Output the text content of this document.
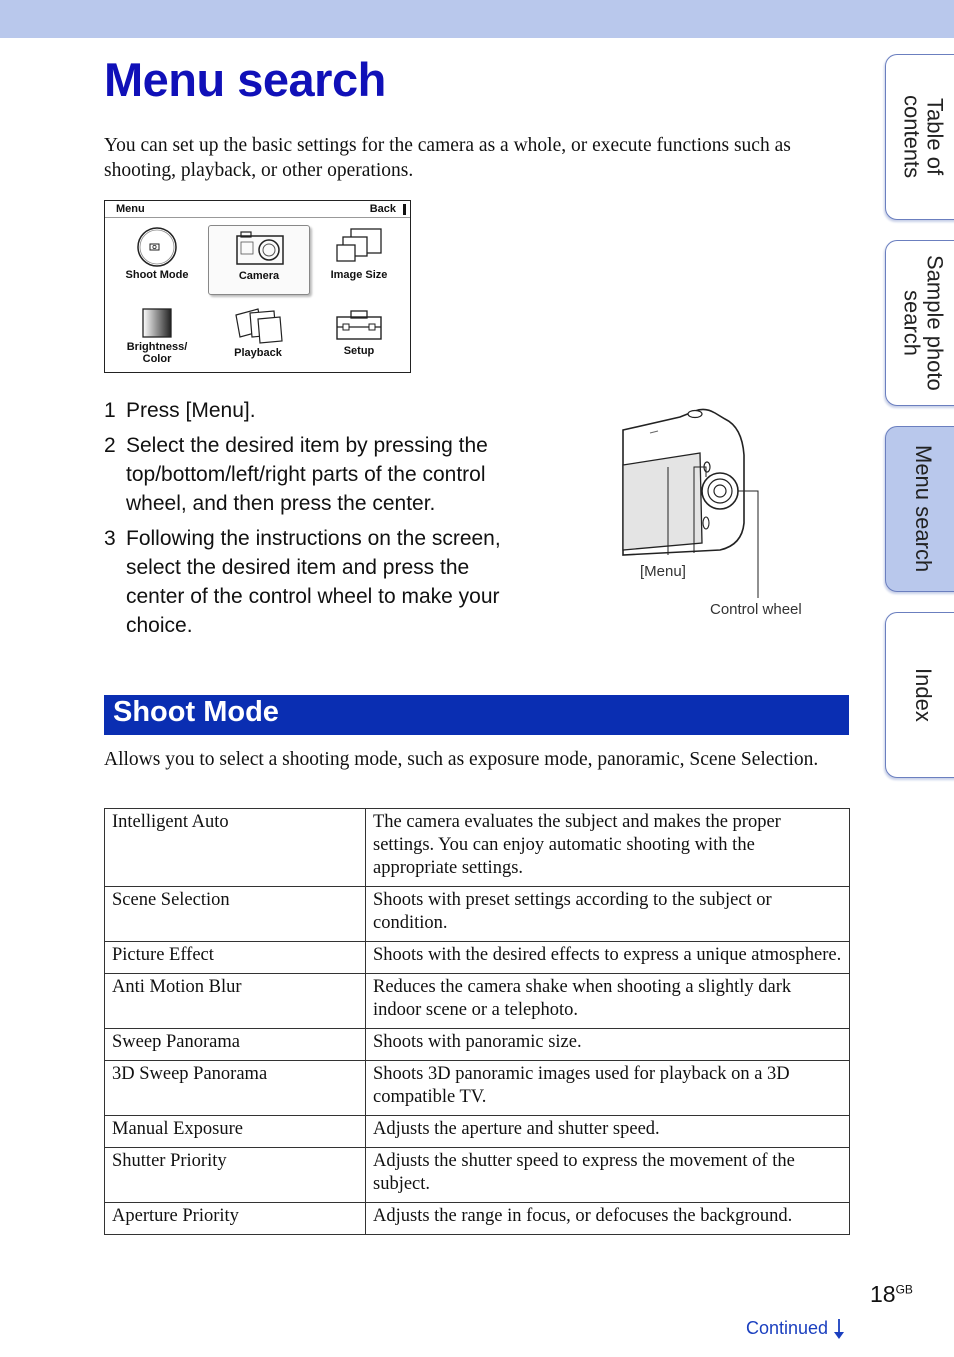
Menu search
You can set up the basic settings for the camera as a whole, or execute functions such as shooting, playback, or other operations.
Menu	Back
Shoot Mode	Camera	Image Size
Brightness/ Color	Playback	Setup
1 Press [Menu].
2 Select the desired item by pressing the top/bottom/left/right parts of the control wheel, and then press the center.
3 Following the instructions on the screen, select the desired item and press the center of the control wheel to make your choice.
[Menu]
Control wheel
Shoot Mode
Allows you to select a shooting mode, such as exposure mode, panoramic, Scene Selection.
Intelligent Auto	The camera evaluates the subject and makes the proper settings. You can enjoy automatic shooting with the appropriate settings.
Scene Selection	Shoots with preset settings according to the subject or condition.
Picture Effect	Shoots with the desired effects to express a unique atmosphere.
Anti Motion Blur	Reduces the camera shake when shooting a slightly dark indoor scene or a telephoto.
Sweep Panorama	Shoots with panoramic size.
3D Sweep Panorama	Shoots 3D panoramic images used for playback on a 3D compatible TV.
Manual Exposure	Adjusts the aperture and shutter speed.
Shutter Priority	Adjusts the shutter speed to express the movement of the subject.
Aperture Priority	Adjusts the range in focus, or defocuses the background.
Table of
contents
Sample photo
search
Menu search
Index
$18^{GB}$
Continued
